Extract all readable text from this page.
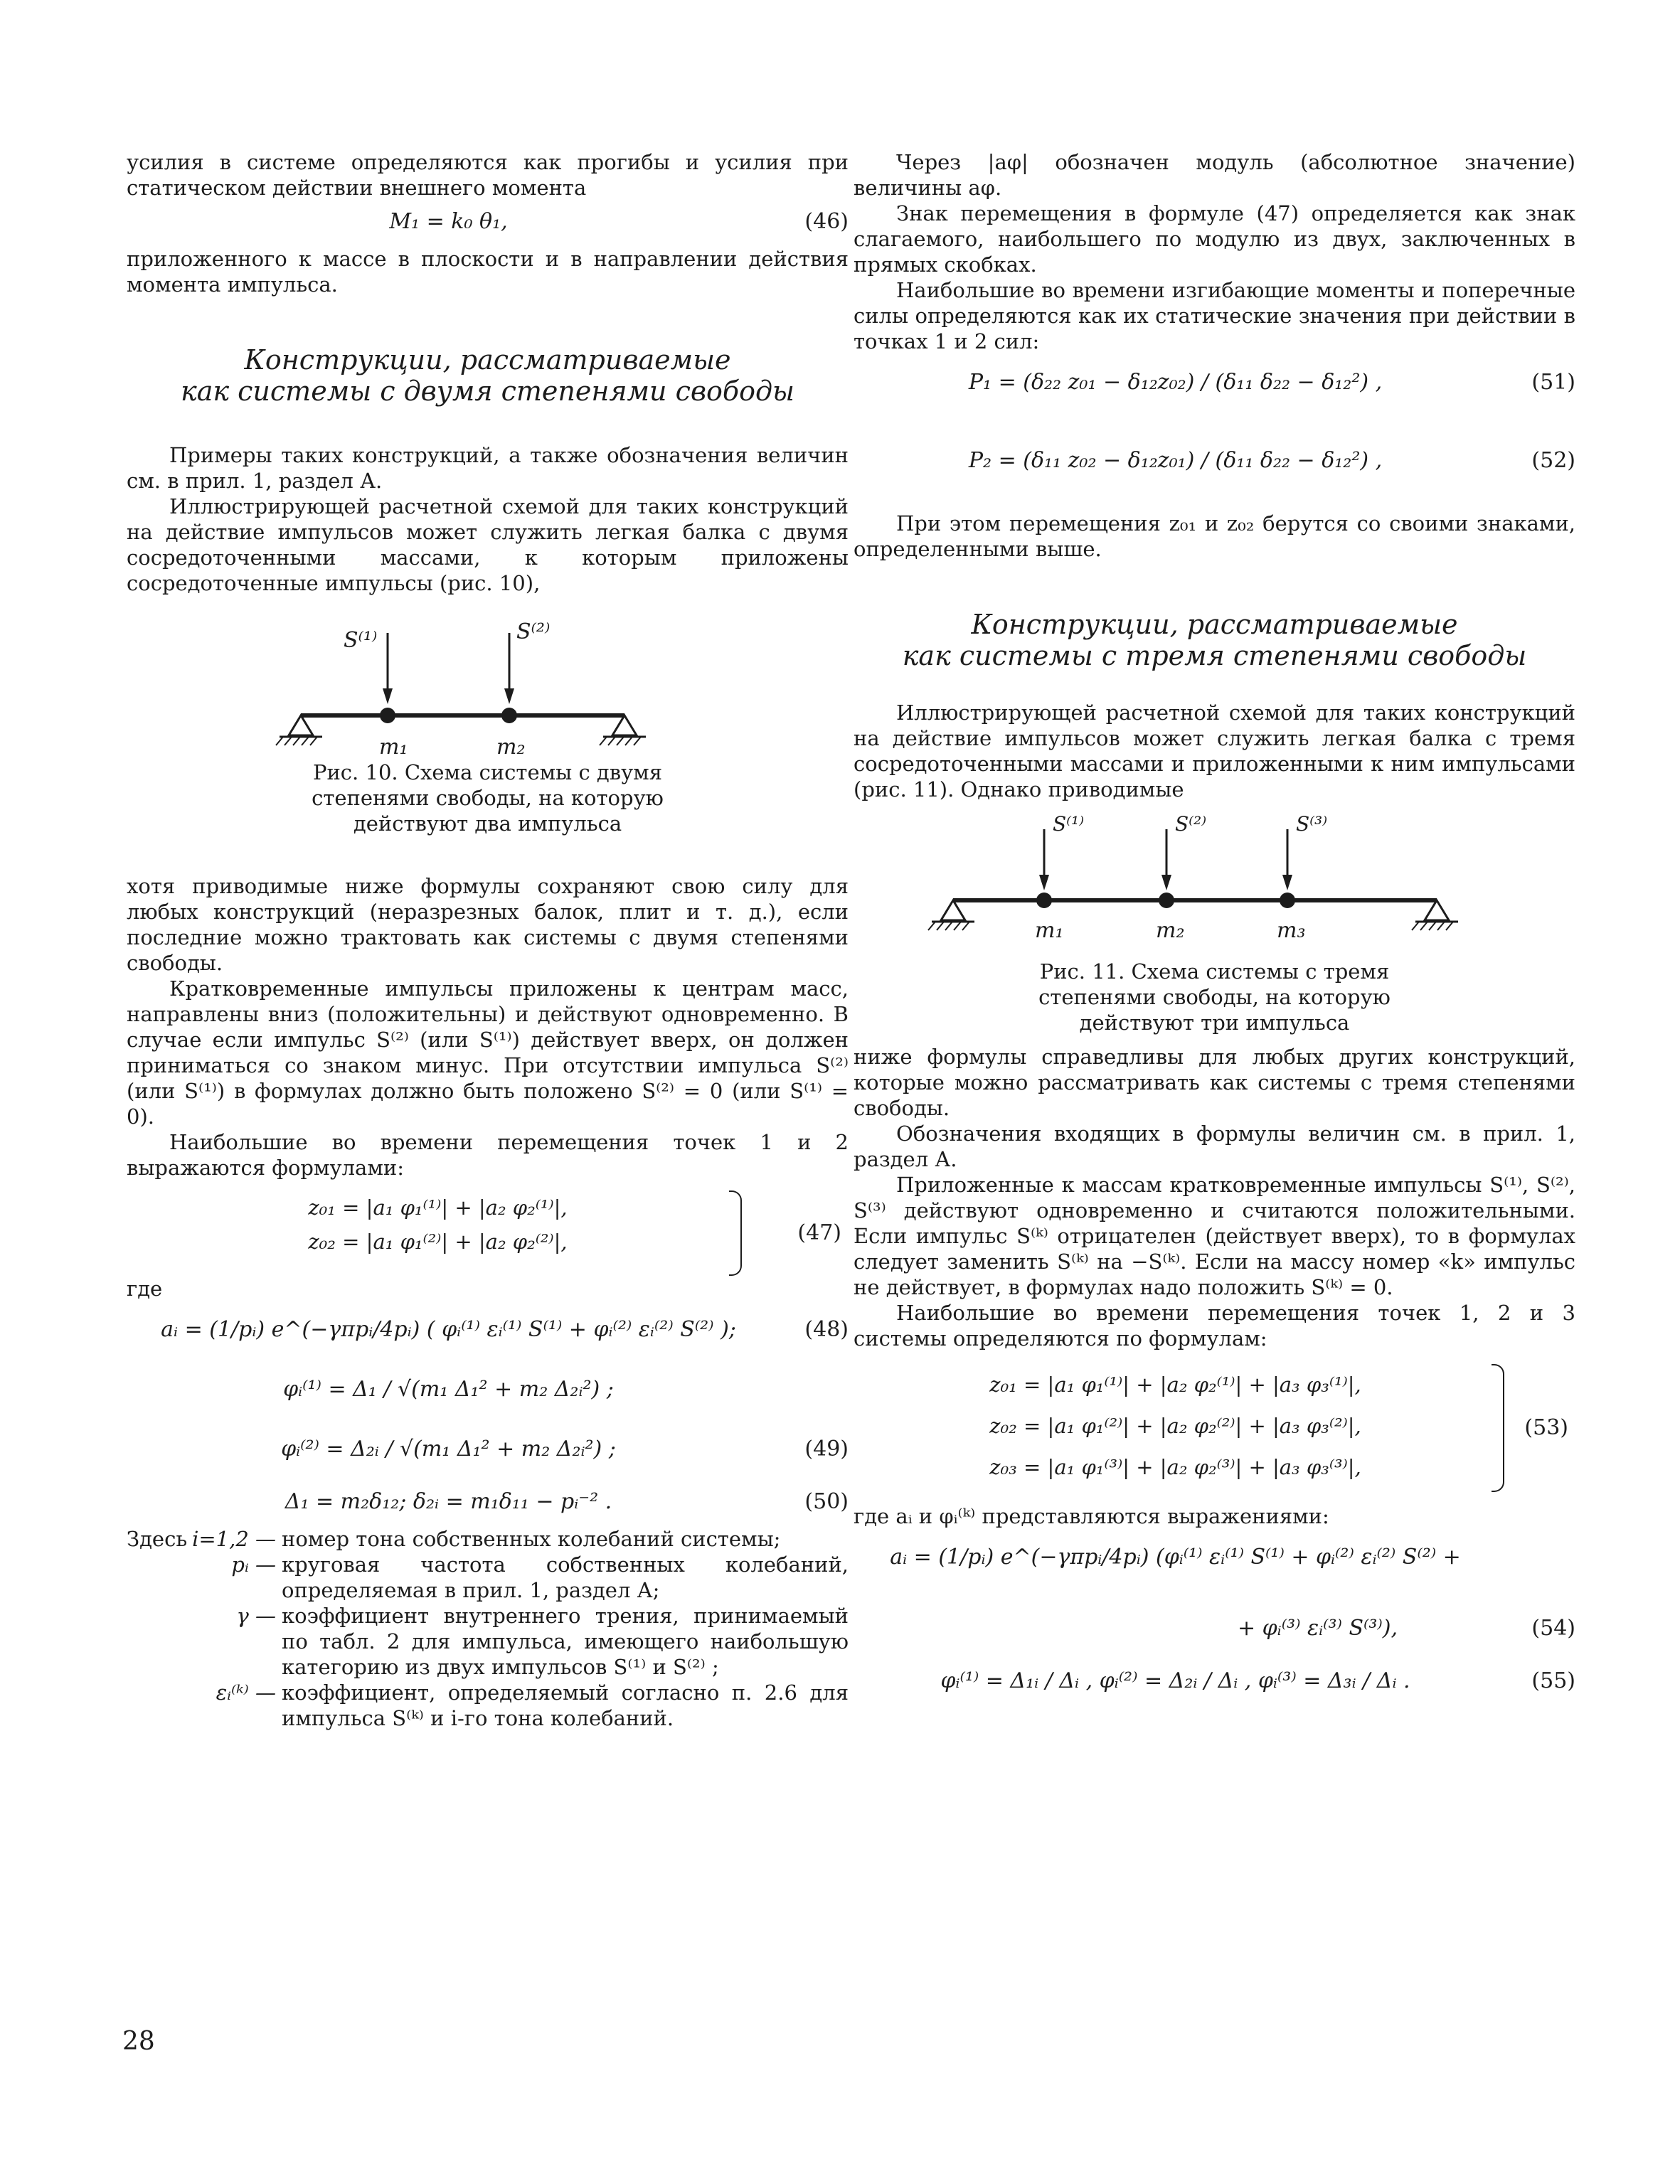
усилия в системе определяются как прогибы и усилия при статическом действии внешнего момента

M₁ = k₀ θ₁,	(46)

приложенного к массе в плоскости и в направлении действия момента импульса.

Конструкции, рассматриваемые
как системы с двумя степенями свободы

Примеры таких конструкций, а также обозначения величин см. в прил. 1, раздел А.

Иллюстрирующей расчетной схемой для таких конструкций на действие импульсов может служить легкая балка с двумя сосредоточенными массами, к которым приложены сосредоточенные импульсы (рис. 10),

S⁽¹⁾	S⁽²⁾
m₁	m₂

Рис. 10. Схема системы с двумя степенями свободы, на которую действуют два импульса

хотя приводимые ниже формулы сохраняют свою силу для любых конструкций (неразрезных балок, плит и т. д.), если последние можно трактовать как системы с двумя степенями свободы.

Кратковременные импульсы приложены к центрам масс, направлены вниз (положительны) и действуют одновременно. В случае если импульс S⁽²⁾ (или S⁽¹⁾) действует вверх, он должен приниматься со знаком минус. При отсутствии импульса S⁽²⁾ (или S⁽¹⁾) в формулах должно быть положено S⁽²⁾ = 0 (или S⁽¹⁾ = 0).

Наибольшие во времени перемещения точек 1 и 2 выражаются формулами:

z₀₁ = |a₁ φ₁⁽¹⁾| + |a₂ φ₂⁽¹⁾|,
z₀₂ = |a₁ φ₁⁽²⁾| + |a₂ φ₂⁽²⁾|,	(47)

где

aᵢ = (1/pᵢ) e^(−γπpᵢ/4pᵢ) ( φᵢ⁽¹⁾ εᵢ⁽¹⁾ S⁽¹⁾ + φᵢ⁽²⁾ εᵢ⁽²⁾ S⁽²⁾ );	(48)
φᵢ⁽¹⁾ = Δ₁ / √(m₁ Δ₁² + m₂ Δ₂ᵢ²) ;
φᵢ⁽²⁾ = Δ₂ᵢ / √(m₁ Δ₁² + m₂ Δ₂ᵢ²) ;	(49)
Δ₁ = m₂δ₁₂; δ₂ᵢ = m₁δ₁₁ − pᵢ⁻² .	(50)
Здесь i=1,2 — номер тона собственных колебаний системы;
pᵢ — круговая частота собственных колебаний, определяемая в прил. 1, раздел А;
γ — коэффициент внутреннего трения, принимаемый по табл. 2 для импульса, имеющего наибольшую категорию из двух импульсов S⁽¹⁾ и S⁽²⁾ ;
εᵢ⁽ᵏ⁾ — коэффициент, определяемый согласно п. 2.6 для импульса S⁽ᵏ⁾ и i-го тона колебаний.

Через |aφ| обозначен модуль (абсолютное значение) величины aφ.

Знак перемещения в формуле (47) определяется как знак слагаемого, наибольшего по модулю из двух, заключенных в прямых скобках.

Наибольшие во времени изгибающие моменты и поперечные силы определяются как их статические значения при действии в точках 1 и 2 сил:

P₁ = (δ₂₂ z₀₁ − δ₁₂z₀₂) / (δ₁₁ δ₂₂ − δ₁₂²) ,	(51)
P₂ = (δ₁₁ z₀₂ − δ₁₂z₀₁) / (δ₁₁ δ₂₂ − δ₁₂²) ,	(52)

При этом перемещения z₀₁ и z₀₂ берутся со своими знаками, определенными выше.

Конструкции, рассматриваемые
как системы с тремя степенями свободы

Иллюстрирующей расчетной схемой для таких конструкций на действие импульсов может служить легкая балка с тремя сосредоточенными массами и приложенными к ним импульсами (рис. 11). Однако приводимые

S⁽¹⁾	S⁽²⁾	S⁽³⁾
m₁	m₂	m₃

Рис. 11. Схема системы с тремя степенями свободы, на которую действуют три импульса

ниже формулы справедливы для любых других конструкций, которые можно рассматривать как системы с тремя степенями свободы.

Обозначения входящих в формулы величин см. в прил. 1, раздел А.

Приложенные к массам кратковременные импульсы S⁽¹⁾, S⁽²⁾, S⁽³⁾ действуют одновременно и считаются положительными. Если импульс S⁽ᵏ⁾ отрицателен (действует вверх), то в формулах следует заменить S⁽ᵏ⁾ на −S⁽ᵏ⁾. Если на массу номер «k» импульс не действует, в формулах надо положить S⁽ᵏ⁾ = 0.

Наибольшие во времени перемещения точек 1, 2 и 3 системы определяются по формулам:

z₀₁ = |a₁ φ₁⁽¹⁾| + |a₂ φ₂⁽¹⁾| + |a₃ φ₃⁽¹⁾|,
z₀₂ = |a₁ φ₁⁽²⁾| + |a₂ φ₂⁽²⁾| + |a₃ φ₃⁽²⁾|,
z₀₃ = |a₁ φ₁⁽³⁾| + |a₂ φ₂⁽³⁾| + |a₃ φ₃⁽³⁾|,
(53)

где aᵢ и φᵢ⁽ᵏ⁾ представляются выражениями:

aᵢ = (1/pᵢ) e^(−γπpᵢ/4pᵢ) (φᵢ⁽¹⁾ εᵢ⁽¹⁾ S⁽¹⁾ + φᵢ⁽²⁾ εᵢ⁽²⁾ S⁽²⁾ +
+ φᵢ⁽³⁾ εᵢ⁽³⁾ S⁽³⁾),	(54)
φᵢ⁽¹⁾ = Δ₁ᵢ / Δᵢ , φᵢ⁽²⁾ = Δ₂ᵢ / Δᵢ , φᵢ⁽³⁾ = Δ₃ᵢ / Δᵢ .	(55)
28
